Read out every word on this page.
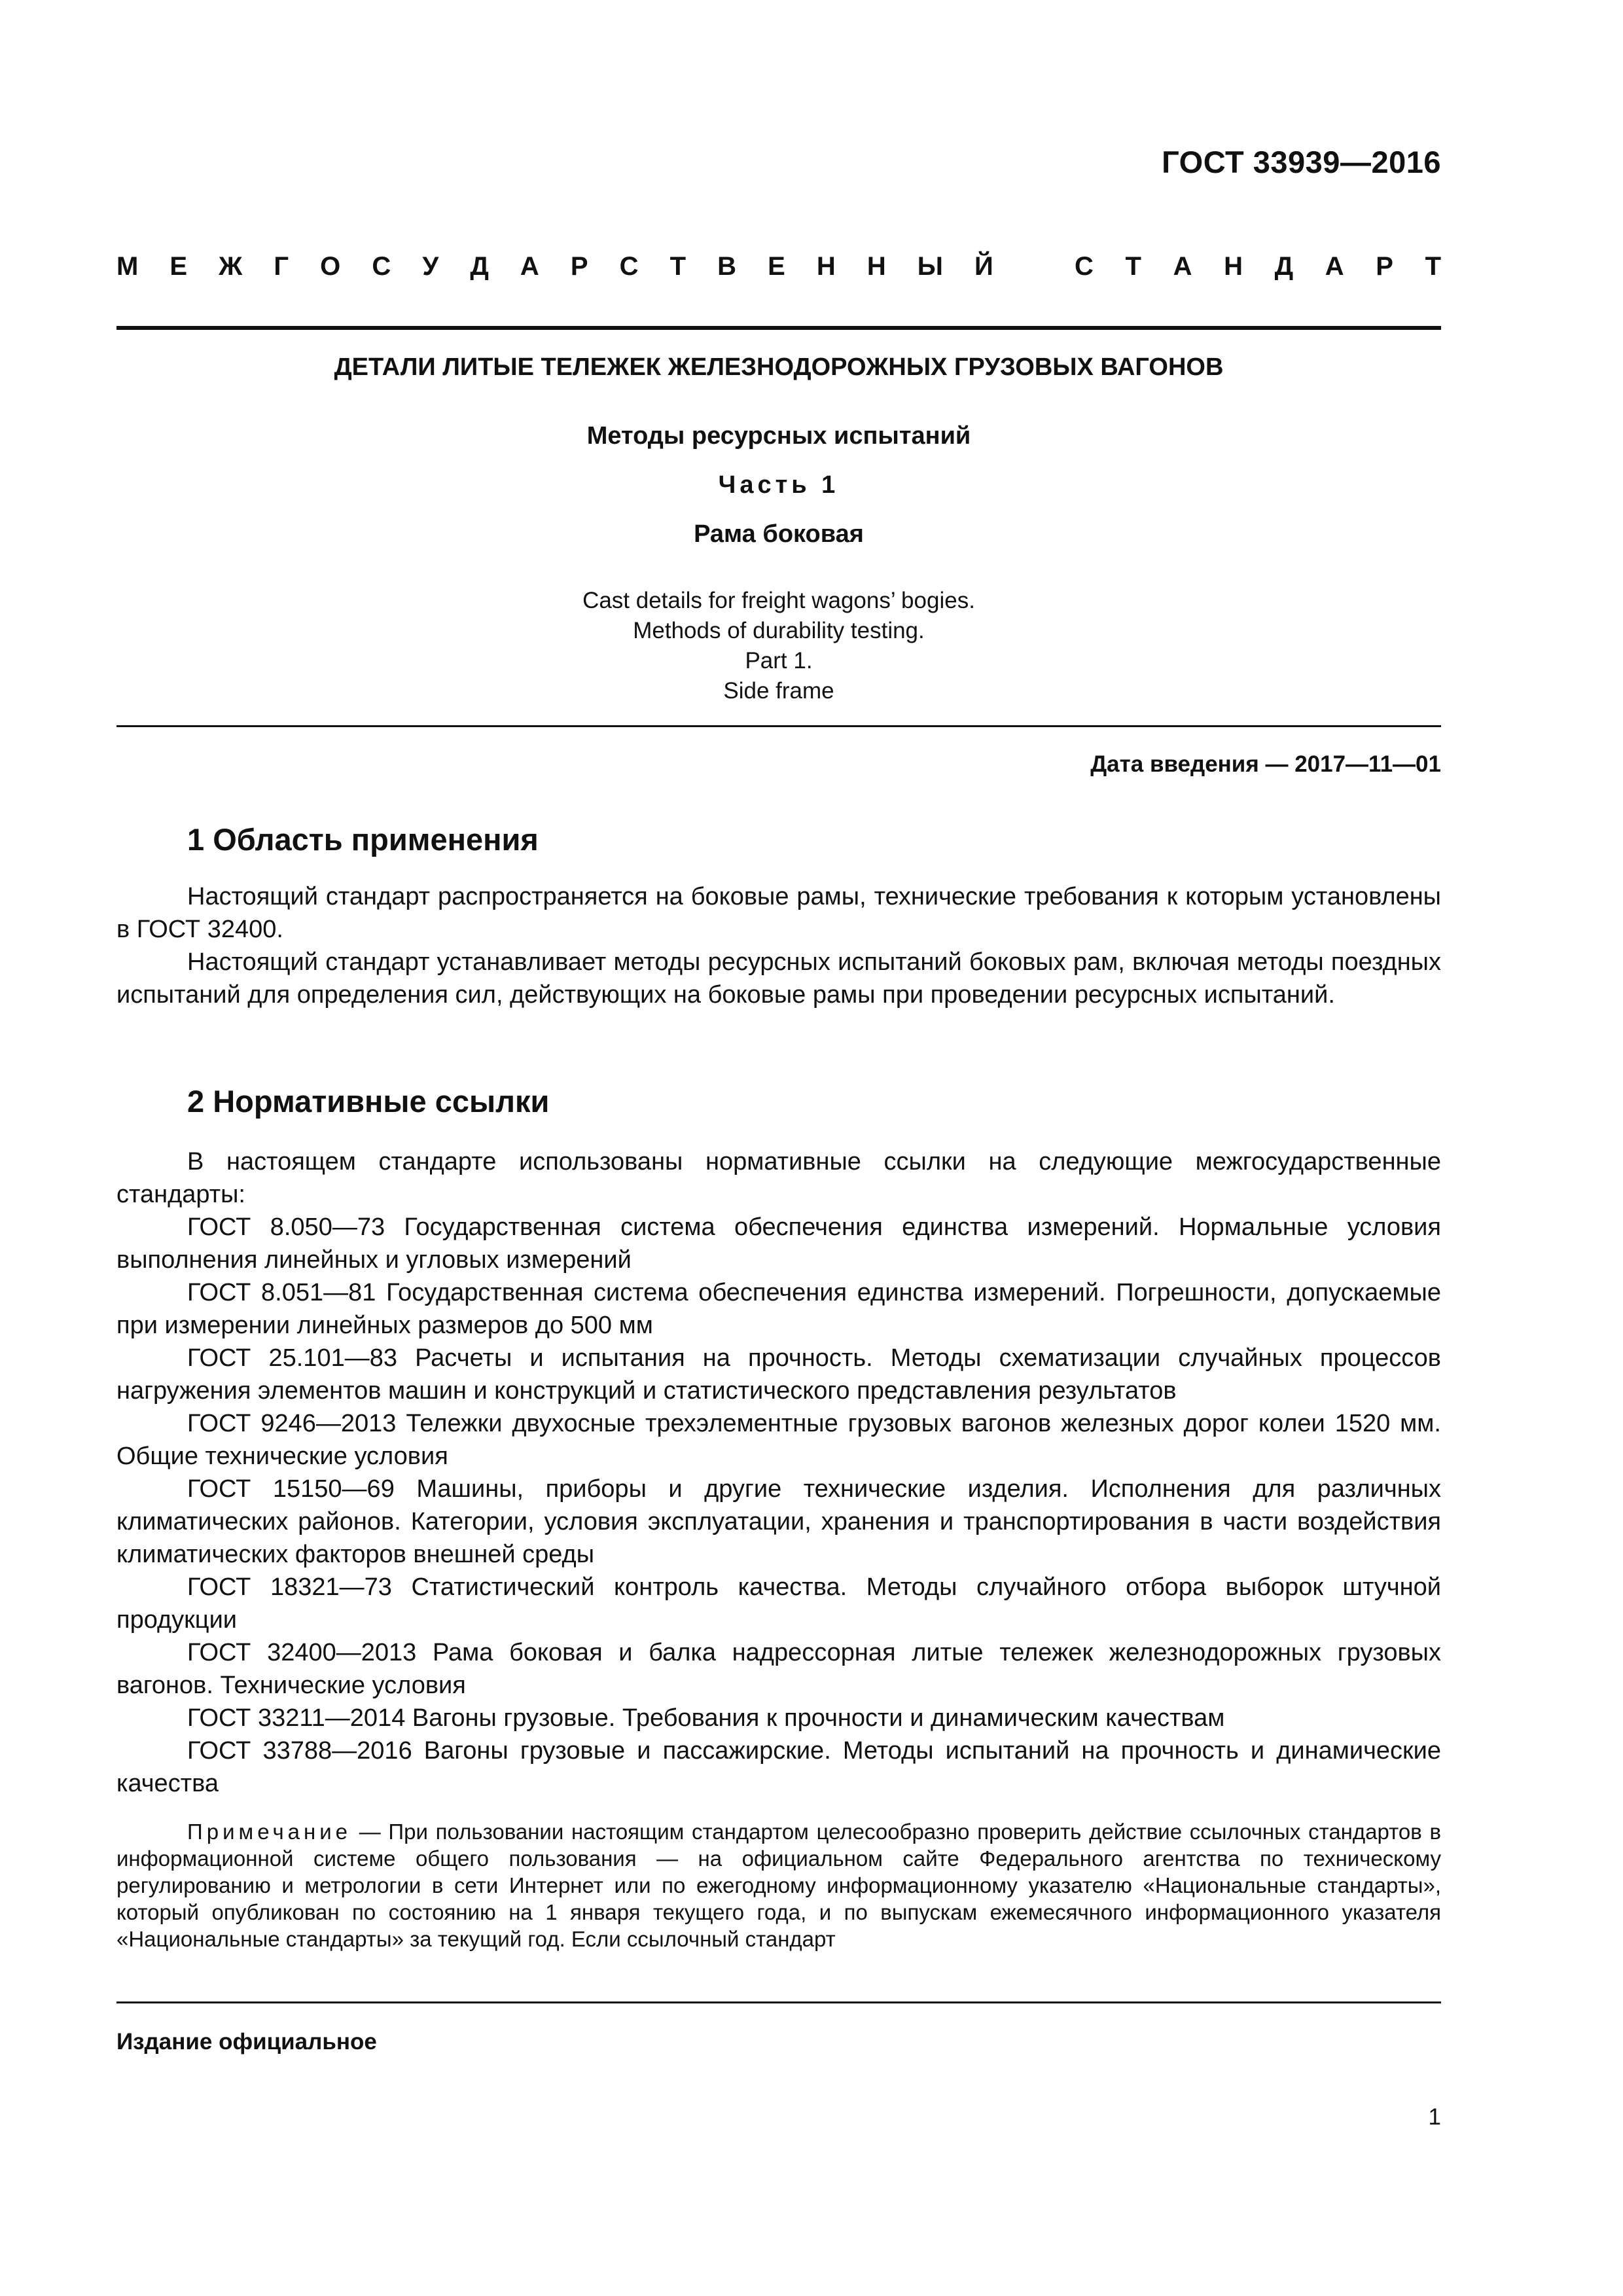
ГОСТ 33939—2016
М Е Ж Г О С У Д А Р С Т В Е Н Н Ы Й	С Т А Н Д А Р Т
ДЕТАЛИ ЛИТЫЕ ТЕЛЕЖЕК ЖЕЛЕЗНОДОРОЖНЫХ ГРУЗОВЫХ ВАГОНОВ
Методы ресурсных испытаний
Часть 1
Рама боковая
Cast details for freight wagons’ bogies.
Methods of durability testing.
Part 1.
Side frame
Дата введения — 2017—11—01
1 Область применения

Настоящий стандарт распространяется на боковые рамы, технические требования к которым установлены в ГОСТ 32400.

Настоящий стандарт устанавливает методы ресурсных испытаний боковых рам, включая методы поездных испытаний для определения сил, действующих на боковые рамы при проведении ресурсных испытаний.

2 Нормативные ссылки

В настоящем стандарте использованы нормативные ссылки на следующие межгосударственные стандарты:

ГОСТ 8.050—73 Государственная система обеспечения единства измерений. Нормальные условия выполнения линейных и угловых измерений

ГОСТ 8.051—81 Государственная система обеспечения единства измерений. Погрешности, допускаемые при измерении линейных размеров до 500 мм

ГОСТ 25.101—83 Расчеты и испытания на прочность. Методы схематизации случайных процессов нагружения элементов машин и конструкций и статистического представления результатов

ГОСТ 9246—2013 Тележки двухосные трехэлементные грузовых вагонов железных дорог колеи 1520 мм. Общие технические условия

ГОСТ 15150—69 Машины, приборы и другие технические изделия. Исполнения для различных климатических районов. Категории, условия эксплуатации, хранения и транспортирования в части воздействия климатических факторов внешней среды

ГОСТ 18321—73 Статистический контроль качества. Методы случайного отбора выборок штучной продукции

ГОСТ 32400—2013 Рама боковая и балка надрессорная литые тележек железнодорожных грузовых вагонов. Технические условия

ГОСТ 33211—2014 Вагоны грузовые. Требования к прочности и динамическим качествам

ГОСТ 33788—2016 Вагоны грузовые и пассажирские. Методы испытаний на прочность и динамические качества

Примечание — При пользовании настоящим стандартом целесообразно проверить действие ссылочных стандартов в информационной системе общего пользования — на официальном сайте Федерального агентства по техническому регулированию и метрологии в сети Интернет или по ежегодному информационному указателю «Национальные стандарты», который опубликован по состоянию на 1 января текущего года, и по выпускам ежемесячного информационного указателя «Национальные стандарты» за текущий год. Если ссылочный стандарт

Издание официальное
1
